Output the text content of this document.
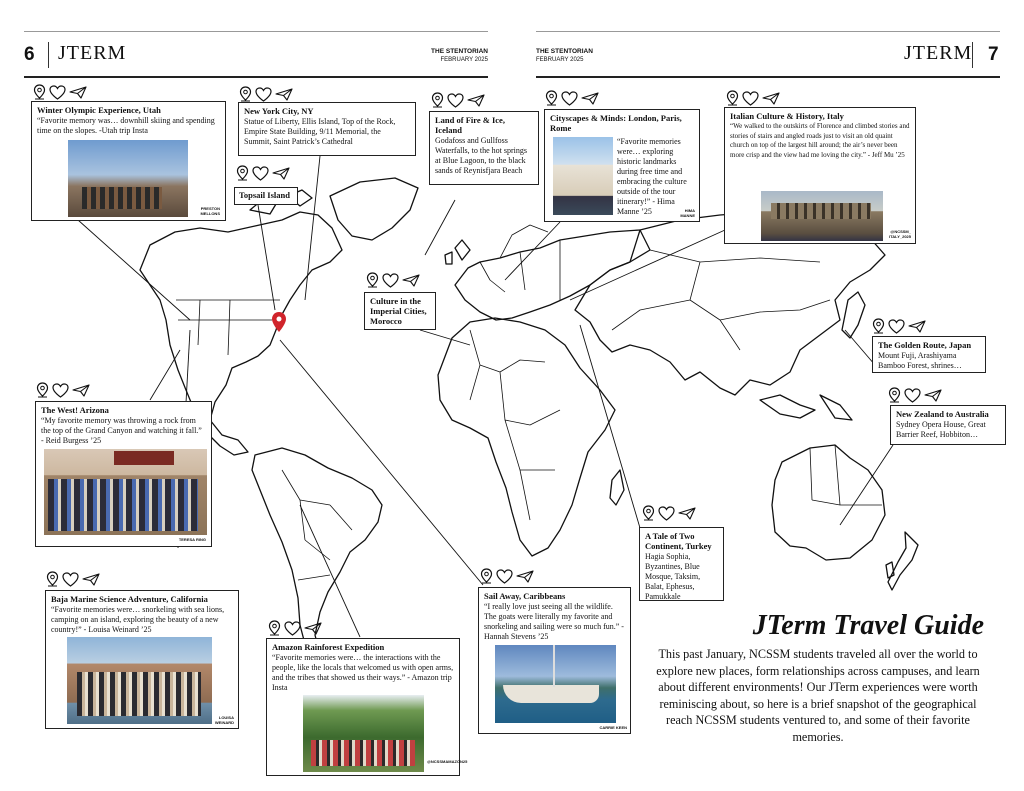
6 JTERM	THE STENTORIAN
FEBRUARY 2025
THE STENTORIAN
FEBRUARY 2025	JTERM 7
Winter Olympic Experience, Utah

“Favorite memory was… downhill skiing and spending time on the slopes. -Utah trip Insta

PRESTON MELLONS
New York City, NY

Statue of Liberty, Ellis Island, Top of the Rock, Empire State Building, 9/11 Memorial, the Summit, Saint Patrick’s Cathedral

Topsail Island
Land of Fire & Ice, Iceland

Godafoss and Gullfoss Waterfalls, to the hot springs at Blue Lagoon, to the black sands of Reynisfjara Beach

Cityscapes & Minds: London, Paris, Rome

“Favorite memories were… exploring historic landmarks during free time and embracing the culture outside of the tour itinerary!” - Hima Manne ’25	HIMA MANNE
Italian Culture & History, Italy

“We walked to the outskirts of Florence and climbed stories and stories of stairs and angled roads just to visit an old quaint church on top of the largest hill around; the air’s never been more crisp and the view had me loving the city.” - Jeff Mu ’25

@NCSSM_ ITALY_2025
Culture in the Imperial Cities, Morocco
The Golden Route, Japan

Mount Fuji, Arashiyama Bamboo Forest, shrines…

New Zealand to Australia

Sydney Opera House, Great Barrier Reef, Hobbiton…

The West! Arizona

“My favorite memory was throwing a rock from the top of the Grand Canyon and watching it fall.” - Reid Burgess ’25

TERESA RING	A Tale of Two Continent, Turkey

Hagia Sophia, Byzantines, Blue Mosque, Taksim, Balat, Ephesus, Pamukkale

Baja Marine Science Adventure, California

“Favorite memories were… snorkeling with sea lions, camping on an island, exploring the beauty of a new country!” - Louisa Weinard ’25

LOUISA WEINARD
Sail Away, Caribbeans

“I really love just seeing all the wildlife. The goats were literally my favorite and snorkeling and sailing were so much fun.” - Hannah Stevens ’25

CARRIE KEEN
Amazon Rainforest Expedition

“Favorite memories were… the interactions with the people, like the locals that welcomed us with open arms, and the tribes that showed us their ways.” - Amazon trip Insta

@NCSSMAMAZON25
JTerm Travel Guide
This past January, NCSSM students traveled all over the world to explore new places, form relationships across campuses, and learn about different environments! Our JTerm experiences were worth reminiscing about, so here is a brief snapshot of the geographical reach NCSSM students ventured to, and some of their favorite memories.
